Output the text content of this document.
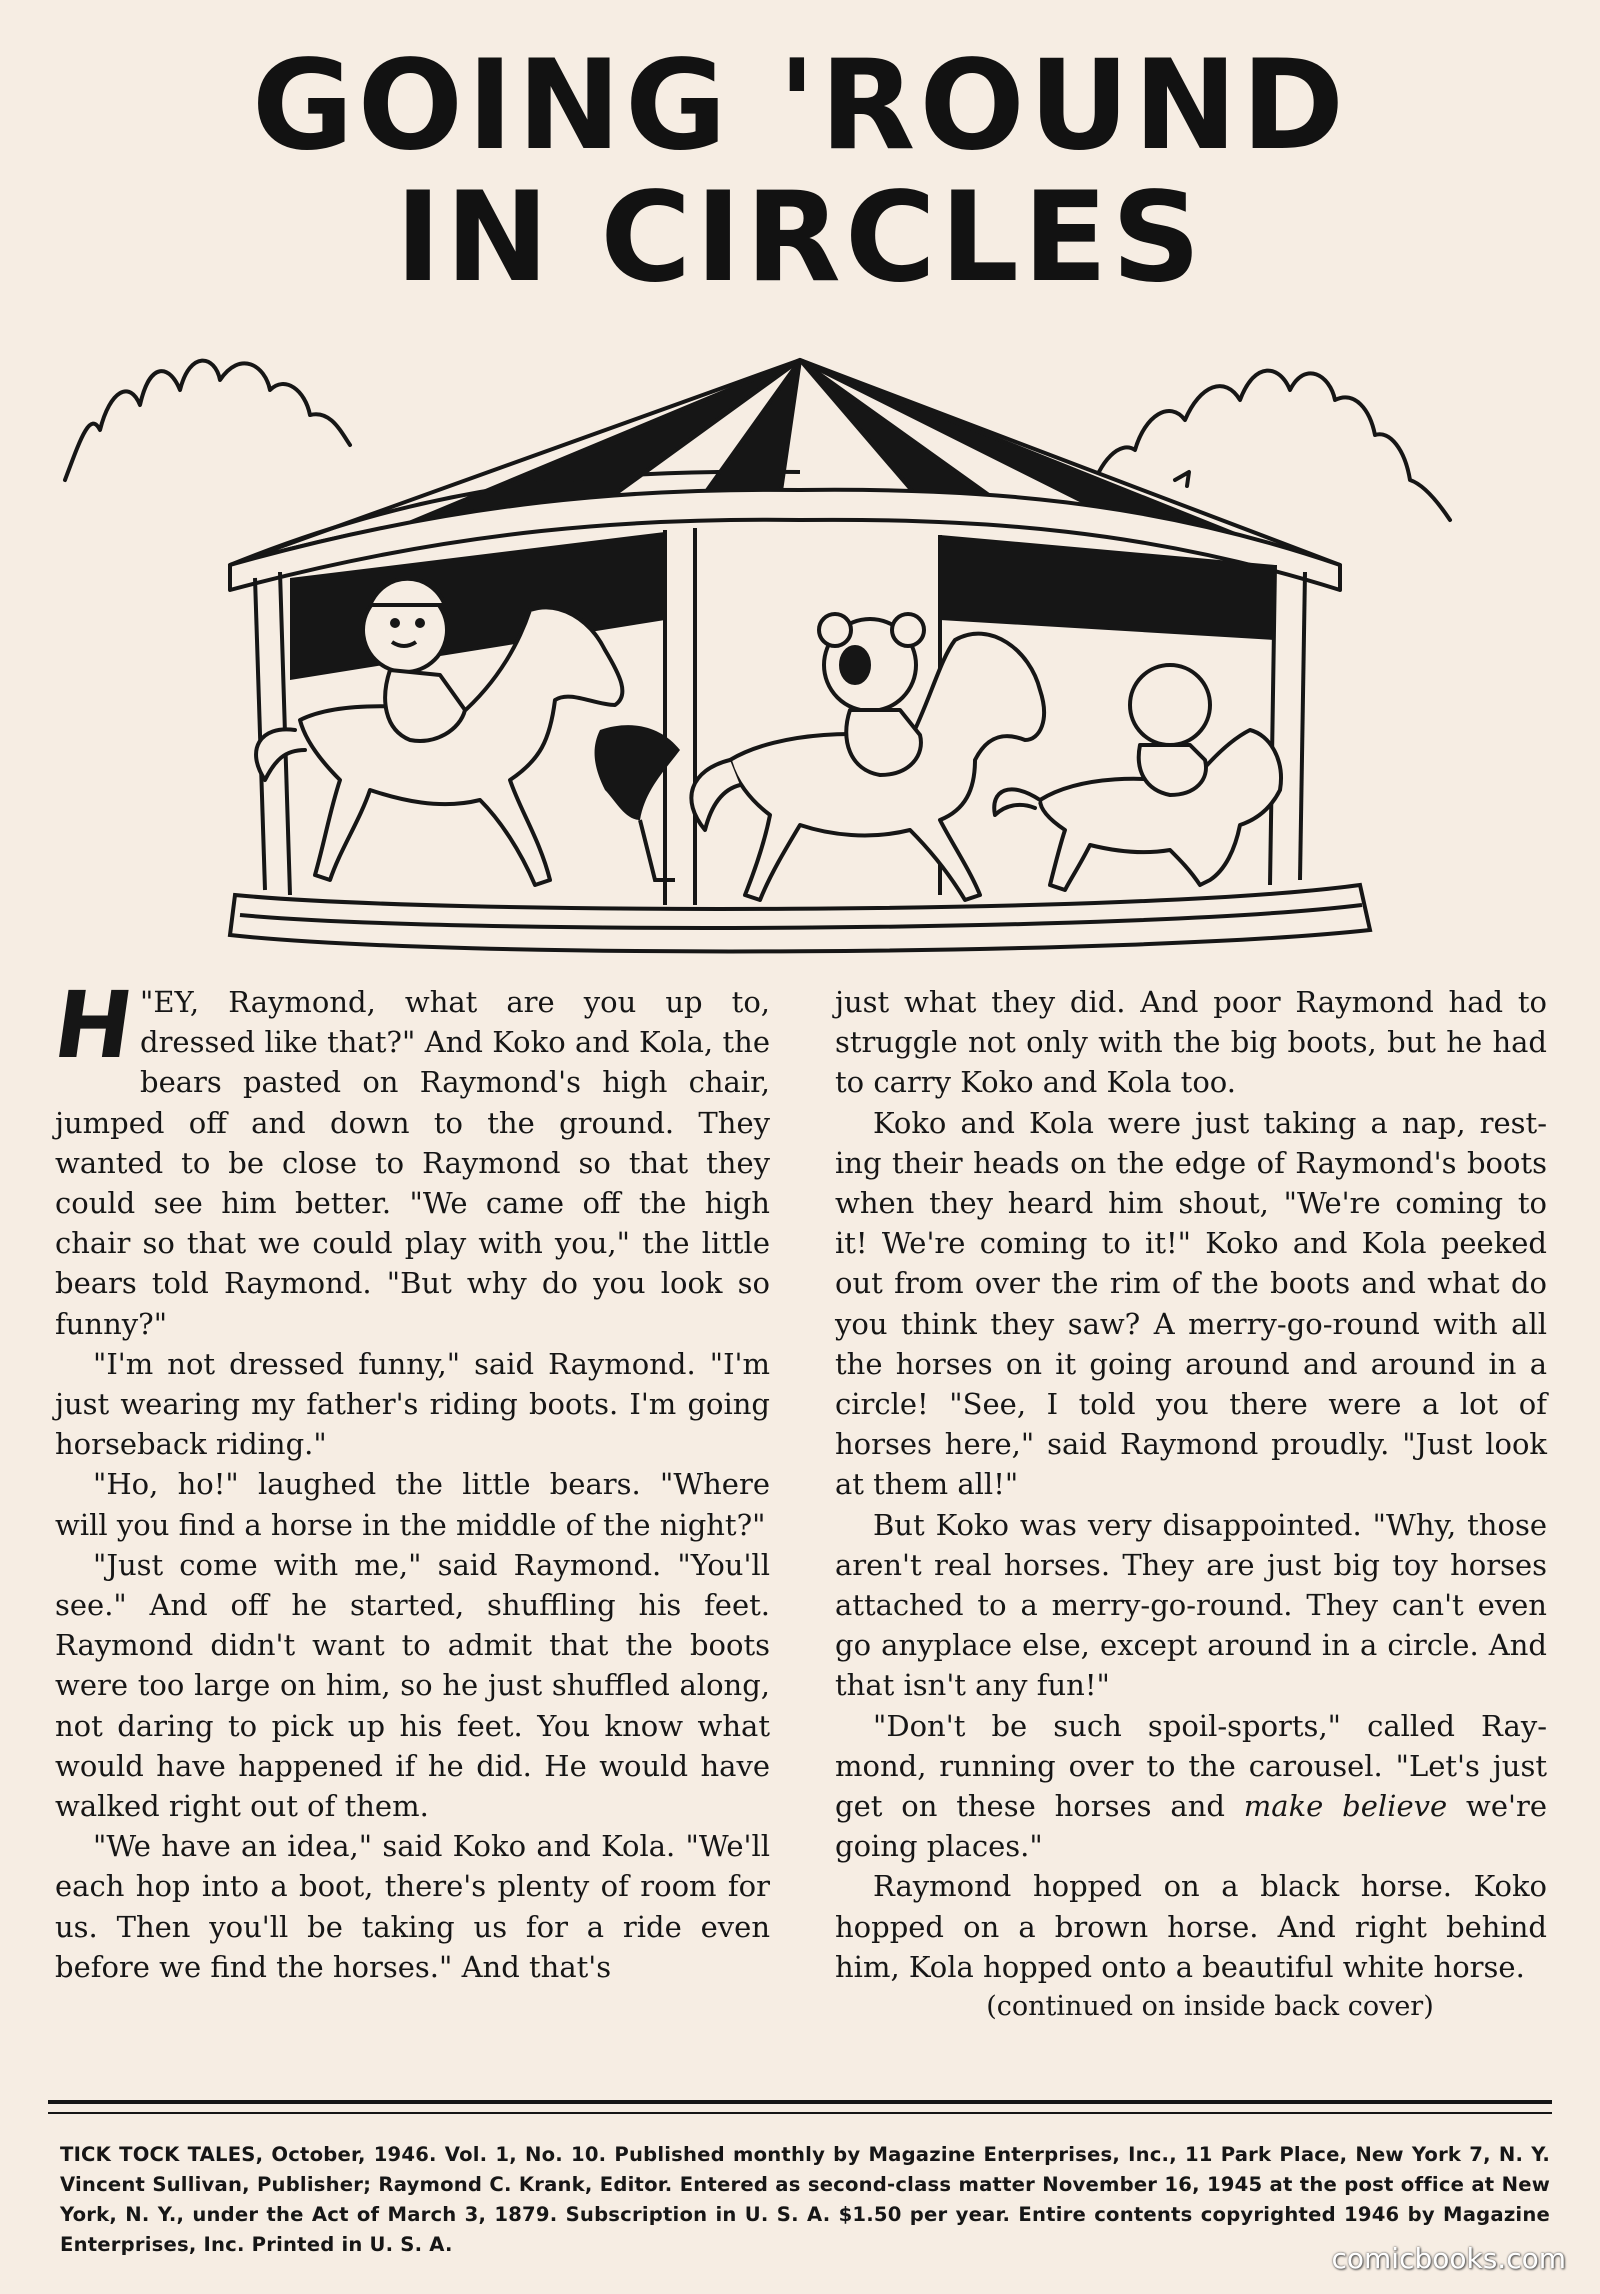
GOING 'ROUND
IN CIRCLES

"
H EY, Raymond, what are you up to, dressed like that?" And Koko and Kola, the bears pasted on Raymond's high chair, jumped off and down to the ground. They wanted to be close to Raymond so that they could see him better. "We came off the high chair so that we could play with you," the little bears told Raymond. "But why do you look so funny?"

"I'm not dressed funny," said Raymond. "I'm just wearing my father's riding boots. I'm going horseback riding."

"Ho, ho!" laughed the little bears. "Where will you find a horse in the middle of the night?"

"Just come with me," said Raymond. "You'll see." And off he started, shuffling his feet. Raymond didn't want to admit that the boots were too large on him, so he just shuffled along, not daring to pick up his feet. You know what would have happened if he did. He would have walked right out of them.

"We have an idea," said Koko and Kola. "We'll each hop into a boot, there's plenty of room for us. Then you'll be taking us for a ride even before we find the horses." And that's

just what they did. And poor Raymond had to struggle not only with the big boots, but he had to carry Koko and Kola too.

Koko and Kola were just taking a nap, rest-ing their heads on the edge of Raymond's boots when they heard him shout, "We're coming to it! We're coming to it!" Koko and Kola peeked out from over the rim of the boots and what do you think they saw? A merry-go-round with all the horses on it going around and around in a circle! "See, I told you there were a lot of horses here," said Raymond proudly. "Just look at them all!"

But Koko was very disappointed. "Why, those aren't real horses. They are just big toy horses attached to a merry-go-round. They can't even go anyplace else, except around in a circle. And that isn't any fun!"

"Don't be such spoil-sports," called Ray-mond, running over to the carousel. "Let's just get on these horses and make believe we're going places."

Raymond hopped on a black horse. Koko hopped on a brown horse. And right behind him, Kola hopped onto a beautiful white horse.

(continued on inside back cover)

TICK TOCK TALES, October, 1946. Vol. 1, No. 10. Published monthly by Magazine Enterprises, Inc., 11 Park Place, New York 7, N. Y. Vincent Sullivan, Publisher; Raymond C. Krank, Editor. Entered as second-class matter November 16, 1945 at the post office at New York, N. Y., under the Act of March 3, 1879. Subscription in U. S. A. $1.50 per year. Entire contents copyrighted 1946 by Magazine Enterprises, Inc. Printed in U. S. A.	comicbooks.com
